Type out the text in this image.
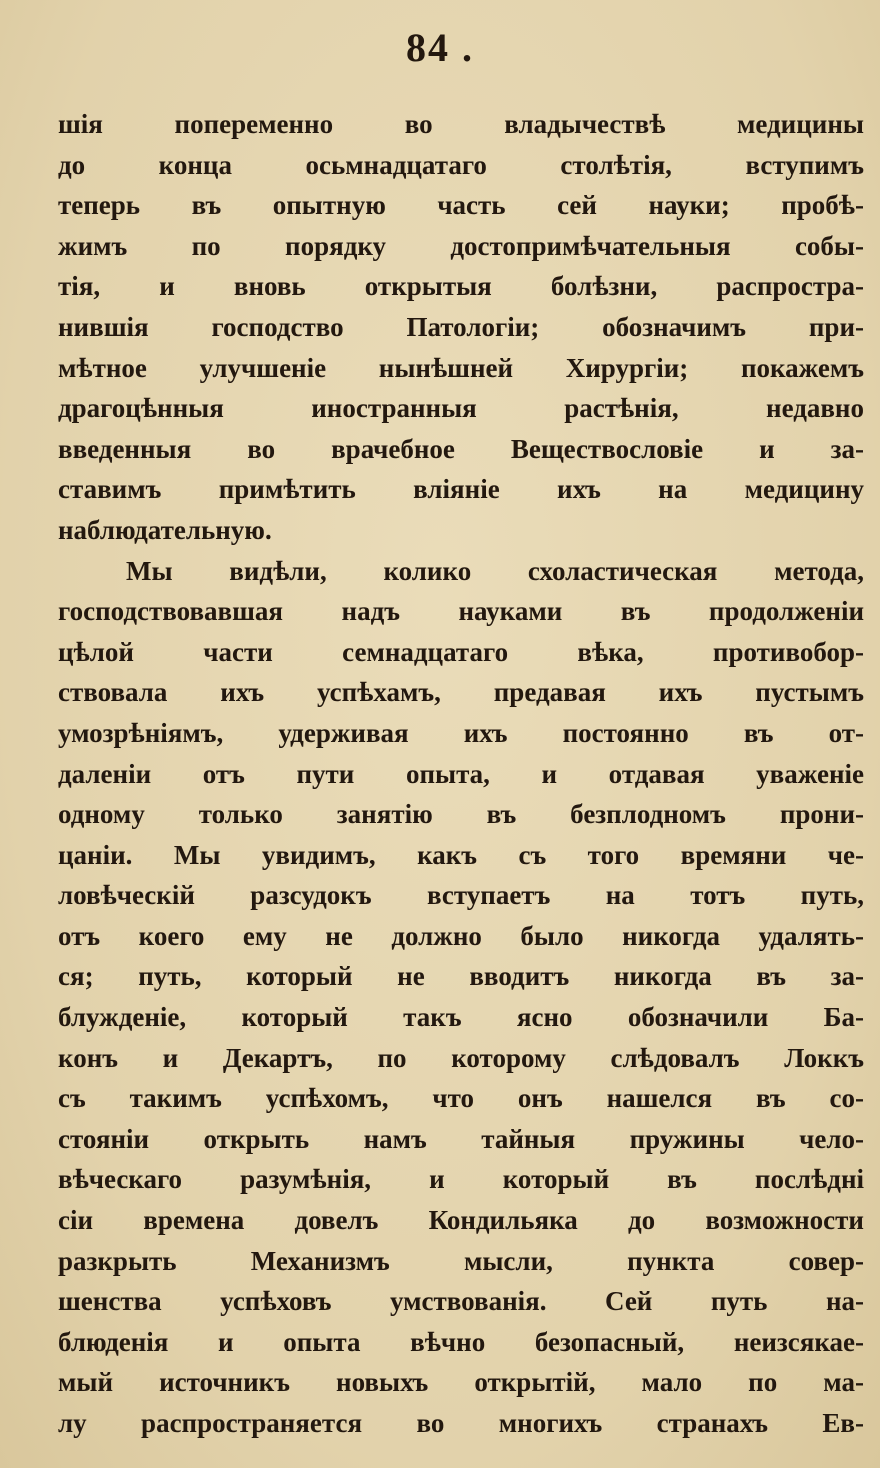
84 .
шія попеременно во владычествѣ медицины
до конца осьмнадцатаго столѣтія, вступимъ
теперь въ опытную часть сей науки; пробѣ-
жимъ по порядку достопримѣчательныя собы-
тія, и вновь открытыя болѣзни, распростра-
нившія господство Патологіи; обозначимъ при-
мѣтное улучшеніе нынѣшней Хирургіи; покажемъ
драгоцѣнныя иностранныя растѣнія, недавно
введенныя во врачебное Веществословіе и за-
ставимъ примѣтить вліяніе ихъ на медицину
наблюдательную.
Мы видѣли, колико схоластическая метода,
господствовавшая надъ науками въ продолженіи
цѣлой части семнадцатаго вѣка, противобор-
ствовала ихъ успѣхамъ, предавая ихъ пустымъ
умозрѣніямъ, удерживая ихъ постоянно въ от-
даленіи отъ пути опыта, и отдавая уваженіе
одному только занятію въ безплодномъ прони-
цаніи. Мы увидимъ, какъ съ того времяни че-
ловѣческій разсудокъ вступаетъ на тотъ путь,
отъ коего ему не должно было никогда удалять-
ся; путь, который не вводитъ никогда въ за-
блужденіе, который такъ ясно обозначили Ба-
конъ и Декартъ, по которому слѣдовалъ Локкъ
съ такимъ успѣхомъ, что онъ нашелся въ со-
стояніи открыть намъ тайныя пружины чело-
вѣческаго разумѣнія, и который въ послѣдні
сіи времена довелъ Кондильяка до возможности
разкрыть Механизмъ мысли, пункта совер-
шенства успѣховъ умствованія. Сей путь на-
блюденія и опыта вѣчно безопасный, неизсякае-
мый источникъ новыхъ открытій, мало по ма-
лу распространяется во многихъ странахъ Ев-
